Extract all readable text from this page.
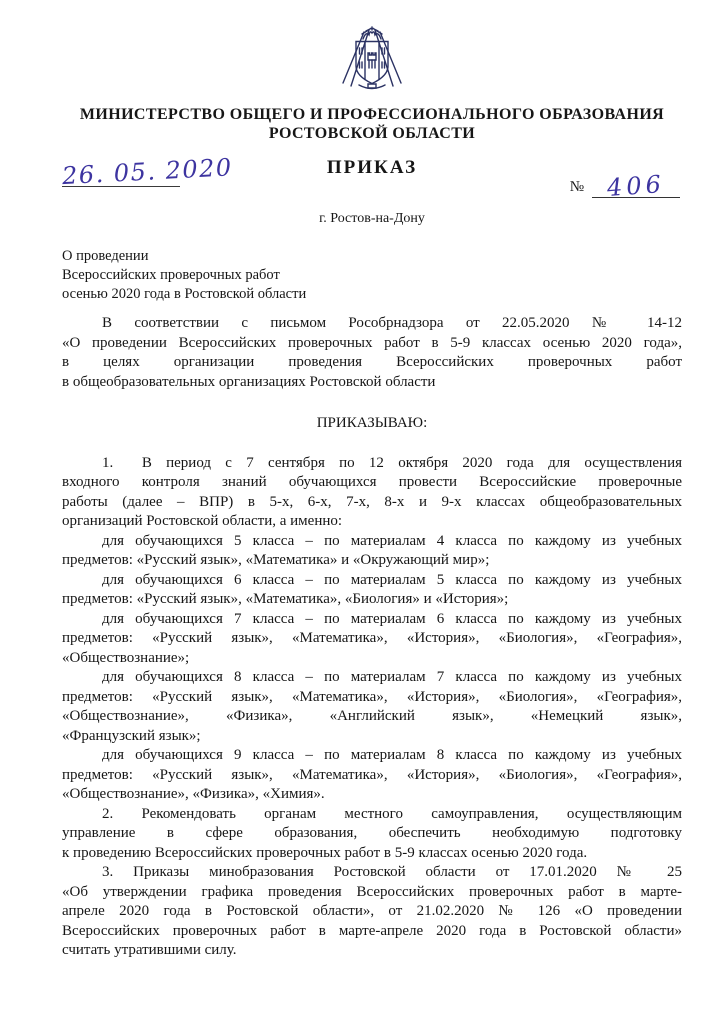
МИНИСТЕРСТВО ОБЩЕГО И ПРОФЕССИОНАЛЬНОГО ОБРАЗОВАНИЯ
РОСТОВСКОЙ ОБЛАСТИ
26. 05. 2020	ПРИКАЗ
№ 406
г. Ростов-на-Дону
О проведении
Всероссийских проверочных работ
осенью 2020 года в Ростовской области
В соответствии с письмом Рособрнадзора от 22.05.2020 № 14-12
«О проведении Всероссийских проверочных работ в 5-9 классах осенью 2020 года»,
в целях организации проведения Всероссийских проверочных работ
в общеобразовательных организациях Ростовской области
ПРИКАЗЫВАЮ:
1.  В период с 7 сентября по 12 октября 2020 года для осуществления
входного контроля знаний обучающихся провести Всероссийские проверочные
работы (далее – ВПР) в 5-х, 6-х, 7-х, 8-х и 9-х классах общеобразовательных
организаций Ростовской области, а именно:
для обучающихся 5 класса – по материалам 4 класса по каждому из учебных
предметов: «Русский язык», «Математика» и «Окружающий мир»;
для обучающихся 6 класса – по материалам 5 класса по каждому из учебных
предметов: «Русский язык», «Математика», «Биология» и «История»;
для обучающихся 7 класса – по материалам 6 класса по каждому из учебных
предметов: «Русский язык», «Математика», «История», «Биология», «География»,
«Обществознание»;
для обучающихся 8 класса – по материалам 7 класса по каждому из учебных
предметов: «Русский язык», «Математика», «История», «Биология», «География»,
«Обществознание», «Физика», «Английский язык», «Немецкий язык»,
«Французский язык»;
для обучающихся 9 класса – по материалам 8 класса по каждому из учебных
предметов: «Русский язык», «Математика», «История», «Биология», «География»,
«Обществознание», «Физика», «Химия».
2. Рекомендовать органам местного самоуправления, осуществляющим
управление в сфере образования, обеспечить необходимую подготовку
к проведению Всероссийских проверочных работ в 5-9 классах осенью 2020 года.
3. Приказы минобразования Ростовской области от 17.01.2020 № 25
«Об утверждении графика проведения Всероссийских проверочных работ в марте-
апреле 2020 года в Ростовской области», от 21.02.2020 № 126 «О проведении
Всероссийских проверочных работ в марте-апреле 2020 года в Ростовской области»
считать утратившими силу.
